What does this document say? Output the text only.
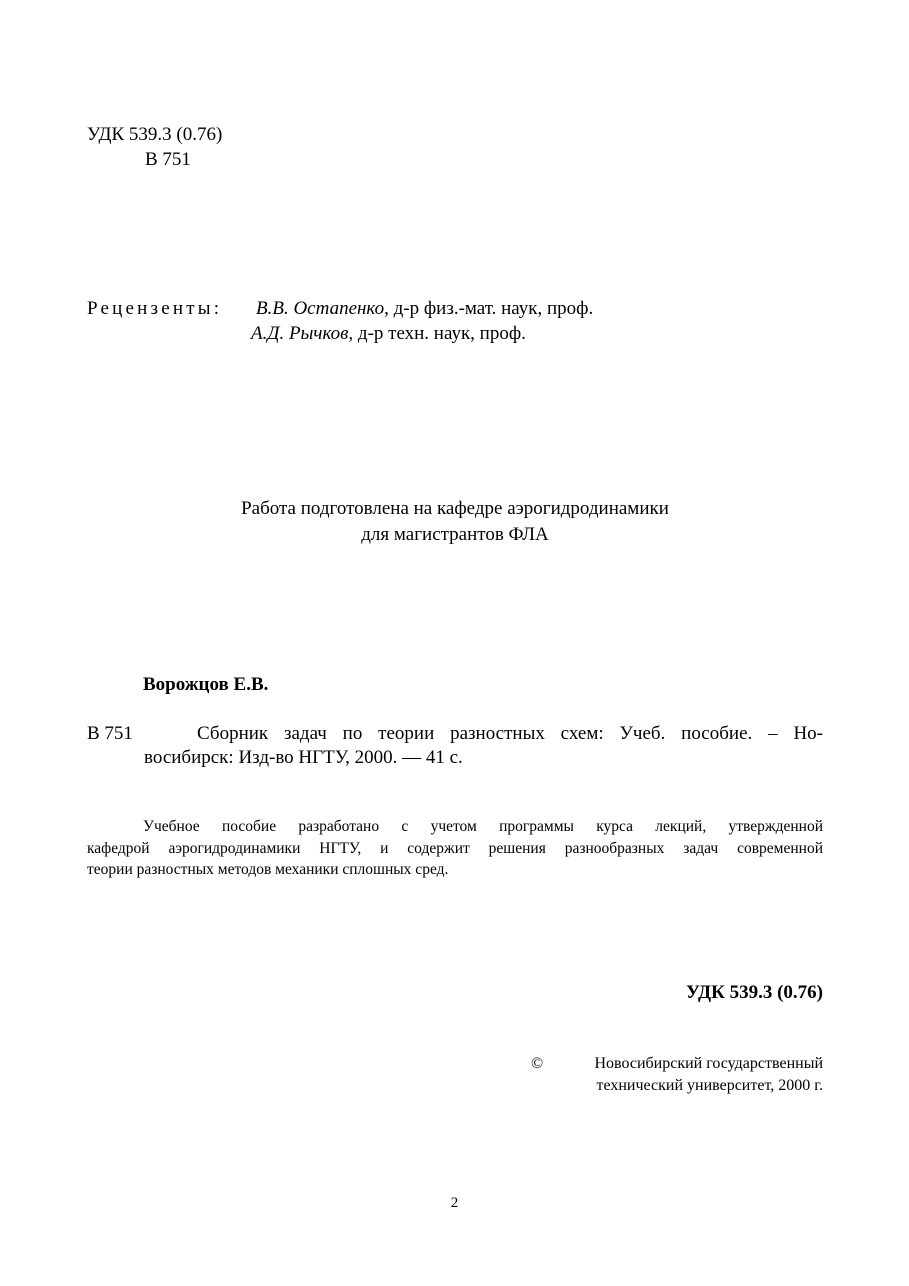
УДК 539.3 (0.76)
В 751
Рецензенты: В.В. Остапенко, д-р физ.-мат. наук, проф.
А.Д. Рычков, д-р техн. наук, проф.
Работа подготовлена на кафедре аэрогидродинамики
для магистрантов ФЛА
Ворожцов Е.В.
В 751	Сборник задач по теории разностных схем: Учеб. пособие. – Но-
восибирск: Изд-во НГТУ, 2000. — 41 с.
Учебное пособие разработано с учетом программы курса лекций, утвержденной
кафедрой аэрогидродинамики НГТУ, и содержит решения разнообразных задач современной
теории разностных методов механики сплошных сред.
УДК 539.3 (0.76)
©	Новосибирский государственный
технический университет, 2000 г.
2
